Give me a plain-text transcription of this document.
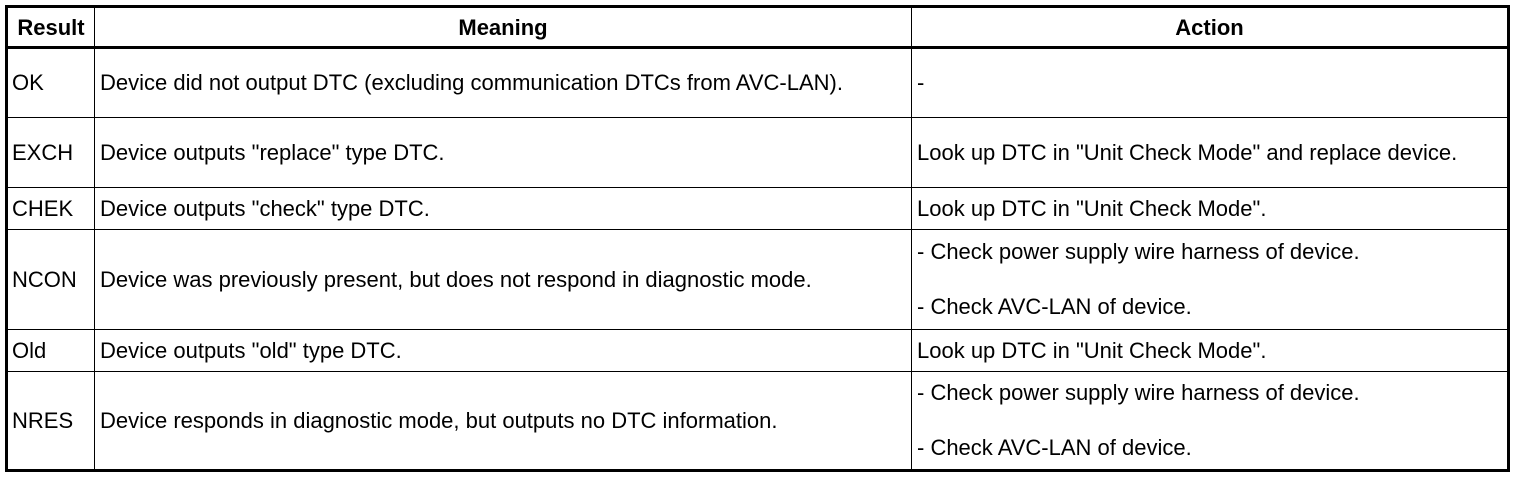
Result	Meaning	Action
OK	Device did not output DTC (excluding communication DTCs from AVC-LAN).	-

EXCH	Device outputs "replace" type DTC.	Look up DTC in "Unit Check Mode" and replace device.

CHEK	Device outputs "check" type DTC.	Look up DTC in "Unit Check Mode".

NCON	Device was previously present, but does not respond in diagnostic mode.	- Check power supply wire harness of device.
- Check AVC-LAN of device.

Old	Device outputs "old" type DTC.	Look up DTC in "Unit Check Mode".

NRES	Device responds in diagnostic mode, but outputs no DTC information.	- Check power supply wire harness of device.
- Check AVC-LAN of device.
